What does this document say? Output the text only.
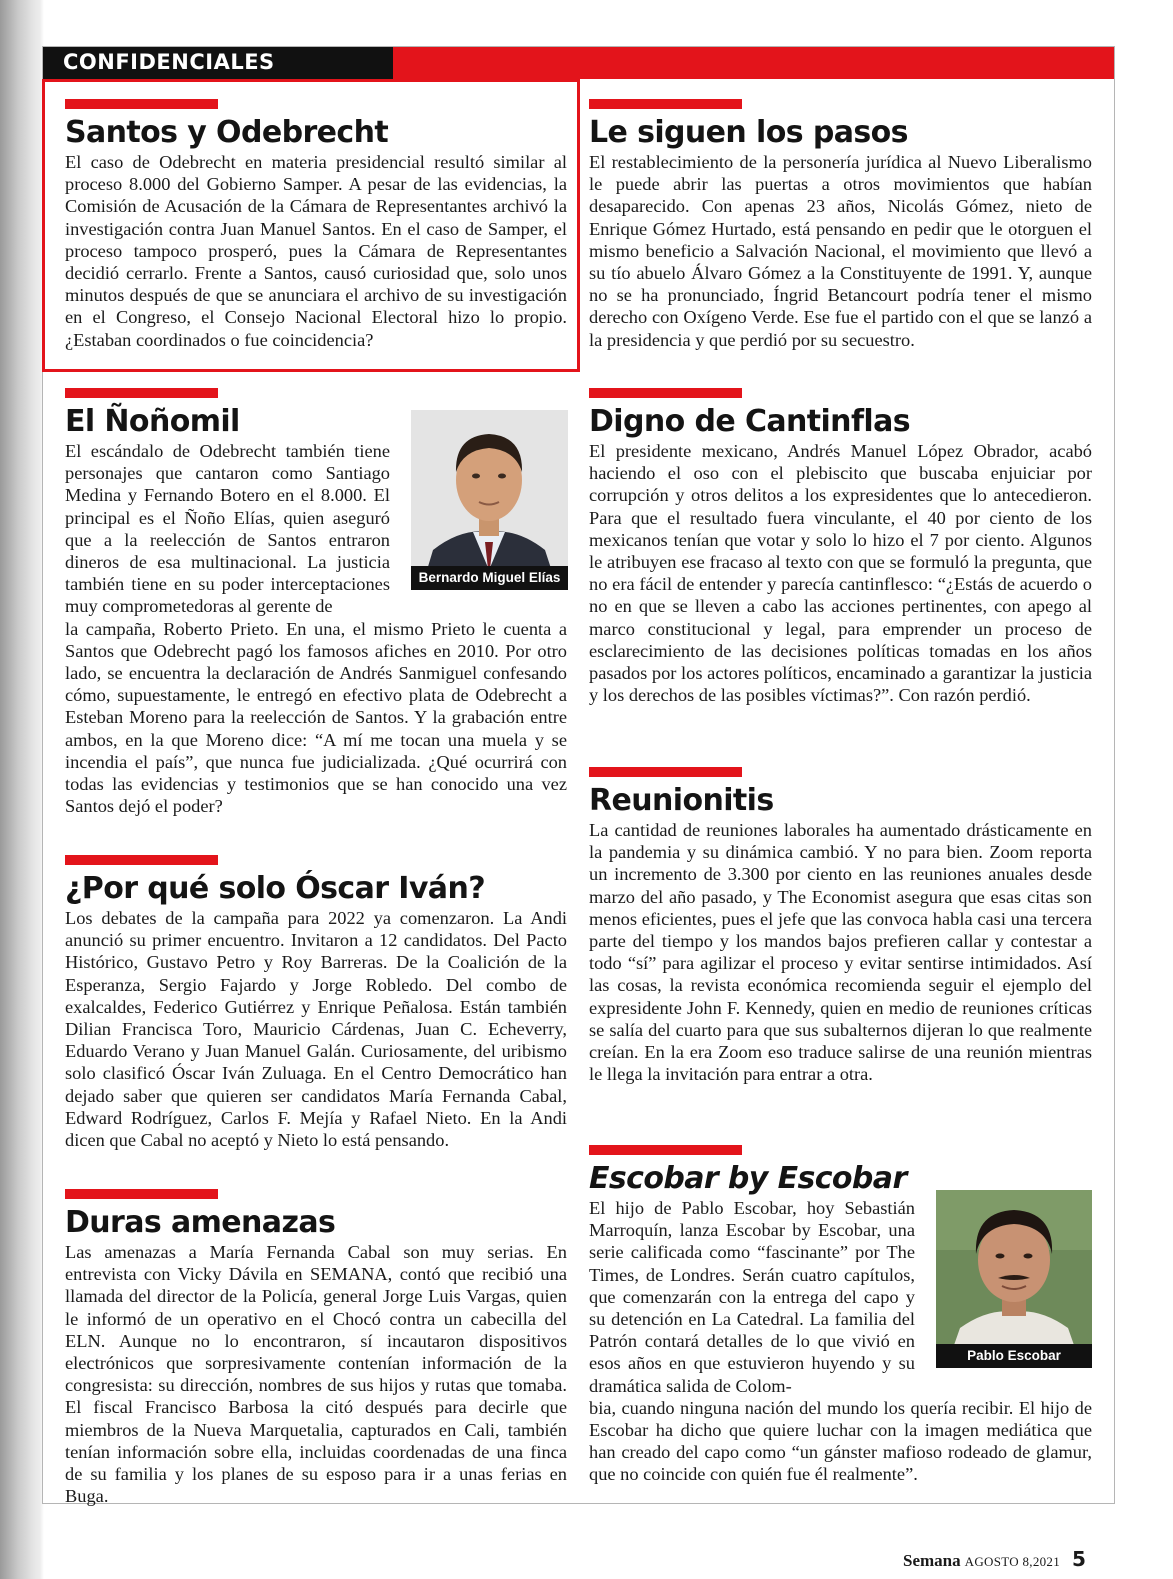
CONFIDENCIALES
Santos y Odebrecht

El caso de Odebrecht en materia presidencial resultó similar al proceso 8.000 del Gobierno Samper. A pesar de las evidencias, la Comisión de Acusación de la Cámara de Representantes archivó la investigación contra Juan Manuel Santos. En el caso de Samper, el proceso tampoco prosperó, pues la Cámara de Representantes decidió cerrarlo. Frente a Santos, causó curiosidad que, solo unos minutos después de que se anunciara el archivo de su investigación en el Congreso, el Consejo Nacional Electoral hizo lo propio. ¿Estaban coordinados o fue coincidencia?

Le siguen los pasos

El restablecimiento de la personería jurídica al Nuevo Liberalismo le puede abrir las puertas a otros movimientos que habían desaparecido. Con apenas 23 años, Nicolás Gómez, nieto de Enrique Gómez Hurtado, está pensando en pedir que le otorguen el mismo beneficio a Salvación Nacional, el movimiento que llevó a su tío abuelo Álvaro Gómez a la Constituyente de 1991. Y, aunque no se ha pronunciado, Íngrid Betancourt podría tener el mismo derecho con Oxígeno Verde. Ese fue el partido con el que se lanzó a la presidencia y que perdió por su secuestro.

El Ñoñomil

El escándalo de Odebrecht también tiene personajes que cantaron como Santiago Medina y Fernando Botero en el 8.000. El principal es el Ñoño Elías, quien aseguró que a la reelección de Santos entraron dineros de esa multinacional. La justicia también tiene en su poder interceptaciones muy comprometedoras al gerente de

la campaña, Roberto Prieto. En una, el mismo Prieto le cuenta a Santos que Odebrecht pagó los famosos afiches en 2010. Por otro lado, se encuentra la declaración de Andrés Sanmiguel confesando cómo, supuestamente, le entregó en efectivo plata de Odebrecht a Esteban Moreno para la reelección de Santos. Y la grabación entre ambos, en la que Moreno dice: “A mí me tocan una muela y se incendia el país”, que nunca fue judicializada. ¿Qué ocurrirá con todas las evidencias y testimonios que se han conocido una vez Santos dejó el poder?

Bernardo Miguel Elías
Digno de Cantinflas

El presidente mexicano, Andrés Manuel López Obrador, acabó haciendo el oso con el plebiscito que buscaba enjuiciar por corrupción y otros delitos a los expresidentes que lo antecedieron. Para que el resultado fuera vinculante, el 40 por ciento de los mexicanos tenían que votar y solo lo hizo el 7 por ciento. Algunos le atribuyen ese fracaso al texto con que se formuló la pregunta, que no era fácil de entender y parecía cantinflesco: “¿Estás de acuerdo o no en que se lleven a cabo las acciones pertinentes, con apego al marco constitucional y legal, para emprender un proceso de esclarecimiento de las decisiones políticas tomadas en los años pasados por los actores políticos, encaminado a garantizar la justicia y los derechos de las posibles víctimas?”. Con razón perdió.

¿Por qué solo Óscar Iván?

Los debates de la campaña para 2022 ya comenzaron. La Andi anunció su primer encuentro. Invitaron a 12 candidatos. Del Pacto Histórico, Gustavo Petro y Roy Barreras. De la Coalición de la Esperanza, Sergio Fajardo y Jorge Robledo. Del combo de exalcaldes, Federico Gutiérrez y Enrique Peñalosa. Están también Dilian Francisca Toro, Mauricio Cárdenas, Juan C. Echeverry, Eduardo Verano y Juan Manuel Galán. Curiosamente, del uribismo solo clasificó Óscar Iván Zuluaga. En el Centro Democrático han dejado saber que quieren ser candidatos María Fernanda Cabal, Edward Rodríguez, Carlos F. Mejía y Rafael Nieto. En la Andi dicen que Cabal no aceptó y Nieto lo está pensando.

Reunionitis

La cantidad de reuniones laborales ha aumentado drásticamente en la pandemia y su dinámica cambió. Y no para bien. Zoom reporta un incremento de 3.300 por ciento en las reuniones anuales desde marzo del año pasado, y The Economist asegura que esas citas son menos eficientes, pues el jefe que las convoca habla casi una tercera parte del tiempo y los mandos bajos prefieren callar y contestar a todo “sí” para agilizar el proceso y evitar sentirse intimidados. Así las cosas, la revista económica recomienda seguir el ejemplo del expresidente John F. Kennedy, quien en medio de reuniones críticas se salía del cuarto para que sus subalternos dijeran lo que realmente creían. En la era Zoom eso traduce salirse de una reunión mientras le llega la invitación para entrar a otra.

Duras amenazas

Las amenazas a María Fernanda Cabal son muy serias. En entrevista con Vicky Dávila en SEMANA, contó que recibió una llamada del director de la Policía, general Jorge Luis Vargas, quien le informó de un operativo en el Chocó contra un cabecilla del ELN. Aunque no lo encontraron, sí incautaron dispositivos electrónicos que sorpresivamente contenían información de la congresista: su dirección, nombres de sus hijos y rutas que tomaba. El fiscal Francisco Barbosa la citó después para decirle que miembros de la Nueva Marquetalia, capturados en Cali, también tenían información sobre ella, incluidas coordenadas de una finca de su familia y los planes de su esposo para ir a unas ferias en Buga.

Escobar by Escobar

El hijo de Pablo Escobar, hoy Sebastián Marroquín, lanza Escobar by Escobar, una serie calificada como “fascinante” por The Times, de Londres. Serán cuatro capítulos, que comenzarán con la entrega del capo y su detención en La Catedral. La familia del Patrón contará detalles de lo que vivió en esos años en que estuvieron huyendo y su dramática salida de Colom-

bia, cuando ninguna nación del mundo los quería recibir. El hijo de Escobar ha dicho que quiere luchar con la imagen mediática que han creado del capo como “un gánster mafioso rodeado de glamur, que no coincide con quién fue él realmente”.

Pablo Escobar
Semana AGOSTO 8,2021 5
